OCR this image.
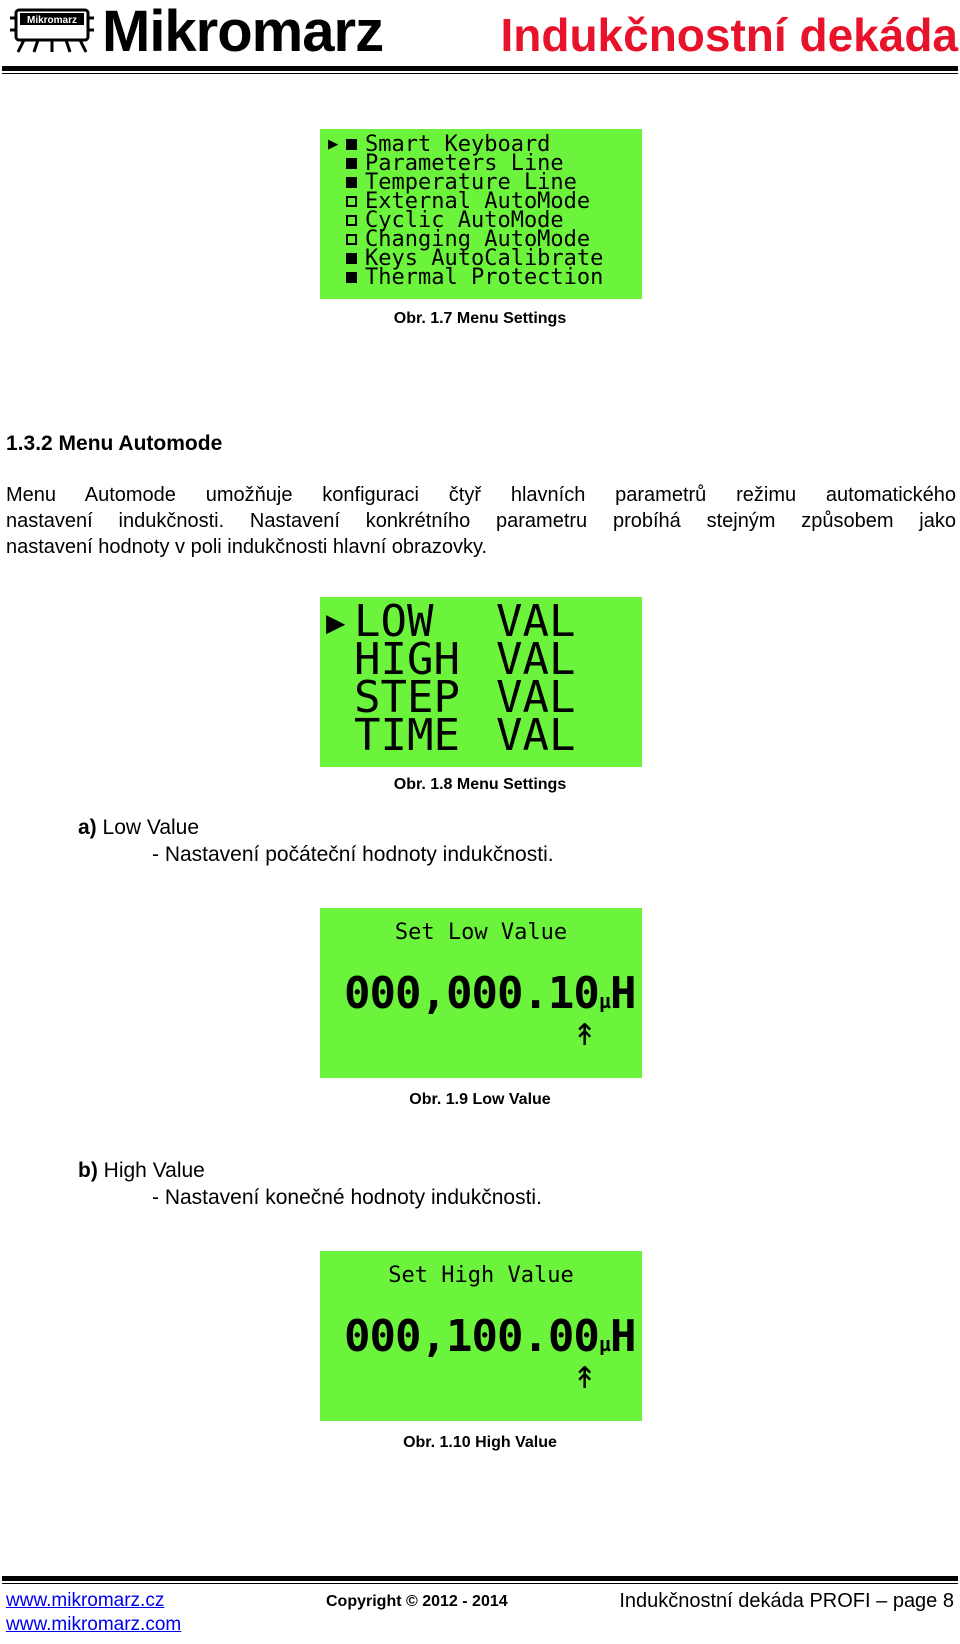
Mikromarz Mikromarz	Indukčnostní dekáda
▶	Smart Keyboard
Parameters Line
Temperature Line
External AutoMode
Cyclic AutoMode
Changing AutoMode
Keys AutoCalibrate
Thermal Protection
Obr. 1.7 Menu Settings
1.3.2 Menu Automode
Menu Automode umožňuje konfiguraci čtyř hlavních parametrů režimu automatického
nastavení indukčnosti. Nastavení konkrétního parametru probíhá stejným způsobem jako
nastavení hodnoty v poli indukčnosti hlavní obrazovky.
▶ LOW	VAL
HIGH VAL
STEP VAL
TIME VAL
Obr. 1.8 Menu Settings
a) Low Value
- Nastavení počáteční hodnoty indukčnosti.
Set Low Value
000,000.10µH
↟
Obr. 1.9 Low Value
b) High Value
- Nastavení konečné hodnoty indukčnosti.
Set High Value
000,100.00µH
↟
Obr. 1.10 High Value
www.mikromarz.cz
www.mikromarz.com
Copyright © 2012 - 2014	Indukčnostní dekáda PROFI – page 8
